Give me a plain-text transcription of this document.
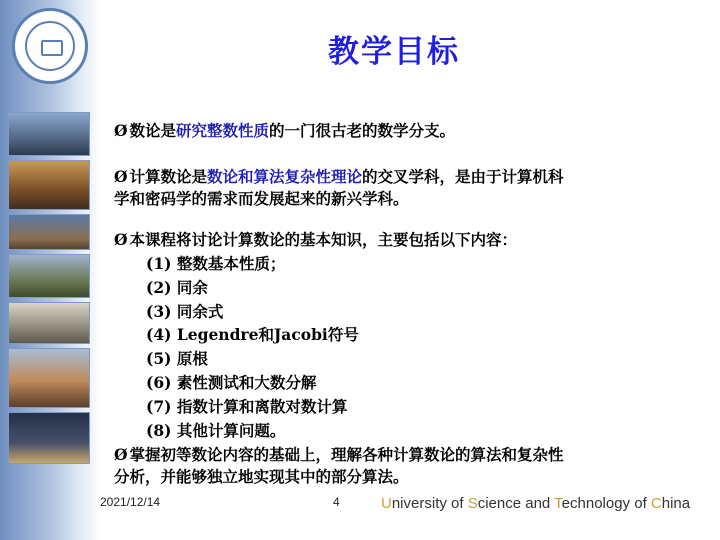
教学目标
Ø 数论是研究整数性质的一门很古老的数学分支。
Ø 计算数论是数论和算法复杂性理论的交叉学科，是由于计算机科
学和密码学的需求而发展起来的新兴学科。
Ø 本课程将讨论计算数论的基本知识，主要包括以下内容：
(1) 整数基本性质；
(2) 同余
(3) 同余式
(4) Legendre和Jacobi符号
(5) 原根
(6) 素性测试和大数分解
(7) 指数计算和离散对数计算
(8) 其他计算问题。
Ø 掌握初等数论内容的基础上，理解各种计算数论的算法和复杂性
分析，并能够独立地实现其中的部分算法。
2021/12/14	4	University of Science and Technology of China
